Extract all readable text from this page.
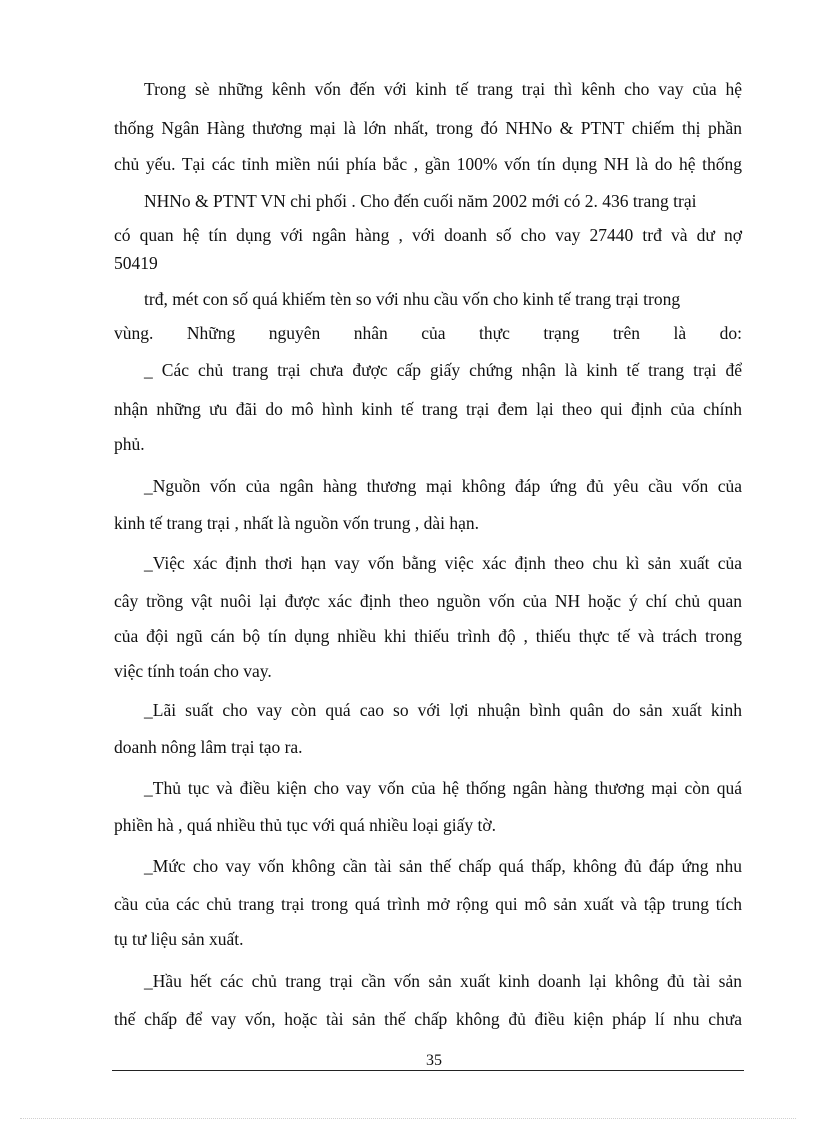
Trong sè những kênh vốn đến với kinh tế trang trại thì kênh cho vay của hệ
thống Ngân Hàng thương mại là lớn nhất, trong đó NHNo & PTNT chiếm thị phần
chủ yếu. Tại các tỉnh miền núi phía bắc , gần 100% vốn tín dụng NH là do hệ thống
NHNo & PTNT VN chi phối . Cho đến cuối năm 2002 mới có 2. 436 trang trại
có quan hệ tín dụng với ngân hàng , với doanh số cho vay 27440 trđ và dư nợ
50419
trđ, mét con số quá khiếm tèn so với nhu cầu vốn cho kinh tế trang trại trong
vùng. Những nguyên nhân của thực trạng trên là do:
_ Các chủ trang trại chưa được cấp giấy chứng nhận là kinh tế trang trại để
nhận những ưu đãi do mô hình kinh tế trang trại đem lại theo qui định của chính
phủ.
_Nguồn vốn của ngân hàng thương mại không đáp ứng đủ yêu cầu vốn của
kinh tế trang trại , nhất là nguồn vốn trung , dài hạn.
_Việc xác định thơi hạn vay vốn bằng việc xác định theo chu kì sản xuất của
cây trồng vật nuôi lại được xác định theo nguồn vốn của NH hoặc ý chí chủ quan
của đội ngũ cán bộ tín dụng nhiều khi thiếu trình độ , thiếu thực tế và trách trong
việc tính toán cho vay.
_Lãi suất cho vay còn quá cao so với lợi nhuận bình quân do sản xuất kinh
doanh nông lâm trại tạo ra.
_Thủ tục và điều kiện cho vay vốn của hệ thống ngân hàng thương mại còn quá
phiền hà , quá nhiều thủ tục với quá nhiều loại giấy tờ.
_Mức cho vay vốn không cần tài sản thế chấp quá thấp, không đủ đáp ứng nhu
cầu của các chủ trang trại trong quá trình mở rộng qui mô sản xuất và tập trung tích
tụ tư liệu sản xuất.
_Hầu hết các chủ trang trại cần vốn sản xuất kinh doanh lại không đủ tài sản
thế chấp để vay vốn, hoặc tài sản thế chấp không đủ điều kiện pháp lí nhu chưa
35
